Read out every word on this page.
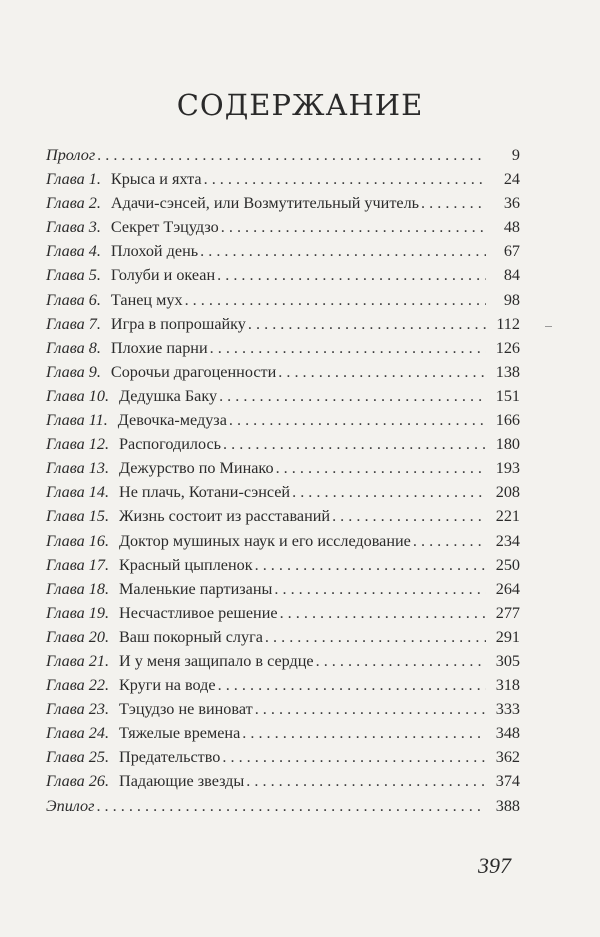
СОДЕРЖАНИЕ
Пролог . . .	9
Глава 1. Крыса и яхта . . .	24
Глава 2. Адачи-сэнсей, или Возмутительный учитель . . .	36
Глава 3. Секрет Тэцудзо . . .	48
Глава 4. Плохой день . . .	67
Глава 5. Голуби и океан . . .	84
Глава 6. Танец мух . . .	98
Глава 7. Игра в попрошайку . . .	112
Глава 8. Плохие парни . . .	126
Глава 9. Сорочьи драгоценности . . .	138
Глава 10. Дедушка Баку . . .	151
Глава 11. Девочка-медуза . . .	166
Глава 12. Распогодилось . . .	180
Глава 13. Дежурство по Минако . . .	193
Глава 14. Не плачь, Котани-сэнсей . . .	208
Глава 15. Жизнь состоит из расставаний . . .	221
Глава 16. Доктор мушиных наук и его исследование . . .	234
Глава 17. Красный цыпленок . . .	250
Глава 18. Маленькие партизаны . . .	264
Глава 19. Несчастливое решение . . .	277
Глава 20. Ваш покорный слуга . . .	291
Глава 21. И у меня защипало в сердце . . .	305
Глава 22. Круги на воде . . .	318
Глава 23. Тэцудзо не виноват . . .	333
Глава 24. Тяжелые времена . . .	348
Глава 25. Предательство . . .	362
Глава 26. Падающие звезды . . .	374
Эпилог . . .	388
397
